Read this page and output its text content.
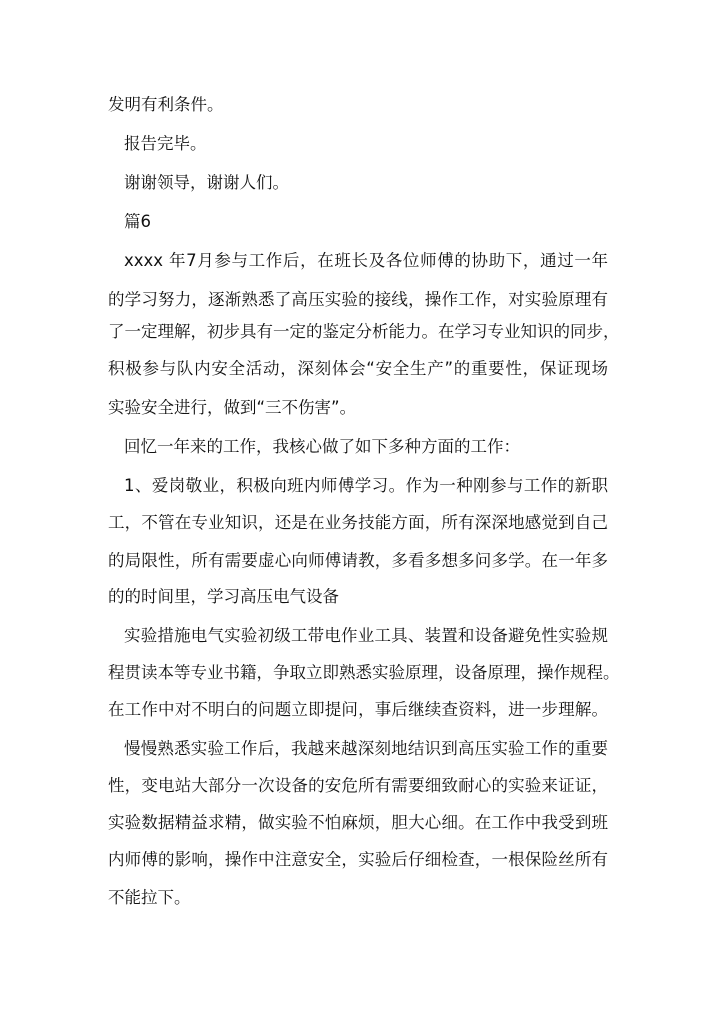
发明有利条件。
报告完毕。
谢谢领导，谢谢人们。
篇6
xxxx 年7月参与工作后，在班长及各位师傅的协助下，通过一年
的学习努力，逐渐熟悉了高压实验的接线，操作工作，对实验原理有
了一定理解，初步具有一定的鉴定分析能力。在学习专业知识的同步，
积极参与队内安全活动，深刻体会“安全生产”的重要性，保证现场
实验安全进行，做到“三不伤害”。
回忆一年来的工作，我核心做了如下多种方面的工作：
1、爱岗敬业，积极向班内师傅学习。作为一种刚参与工作的新职
工，不管在专业知识，还是在业务技能方面，所有深深地感觉到自己
的局限性，所有需要虚心向师傅请教，多看多想多问多学。在一年多
的的时间里，学习高压电气设备
实验措施电气实验初级工带电作业工具、装置和设备避免性实验规
程贯读本等专业书籍，争取立即熟悉实验原理，设备原理，操作规程。
在工作中对不明白的问题立即提问，事后继续查资料，进一步理解。
慢慢熟悉实验工作后，我越来越深刻地结识到高压实验工作的重要
性，变电站大部分一次设备的安危所有需要细致耐心的实验来证证，
实验数据精益求精，做实验不怕麻烦，胆大心细。在工作中我受到班
内师傅的影响，操作中注意安全，实验后仔细检查，一根保险丝所有
不能拉下。
